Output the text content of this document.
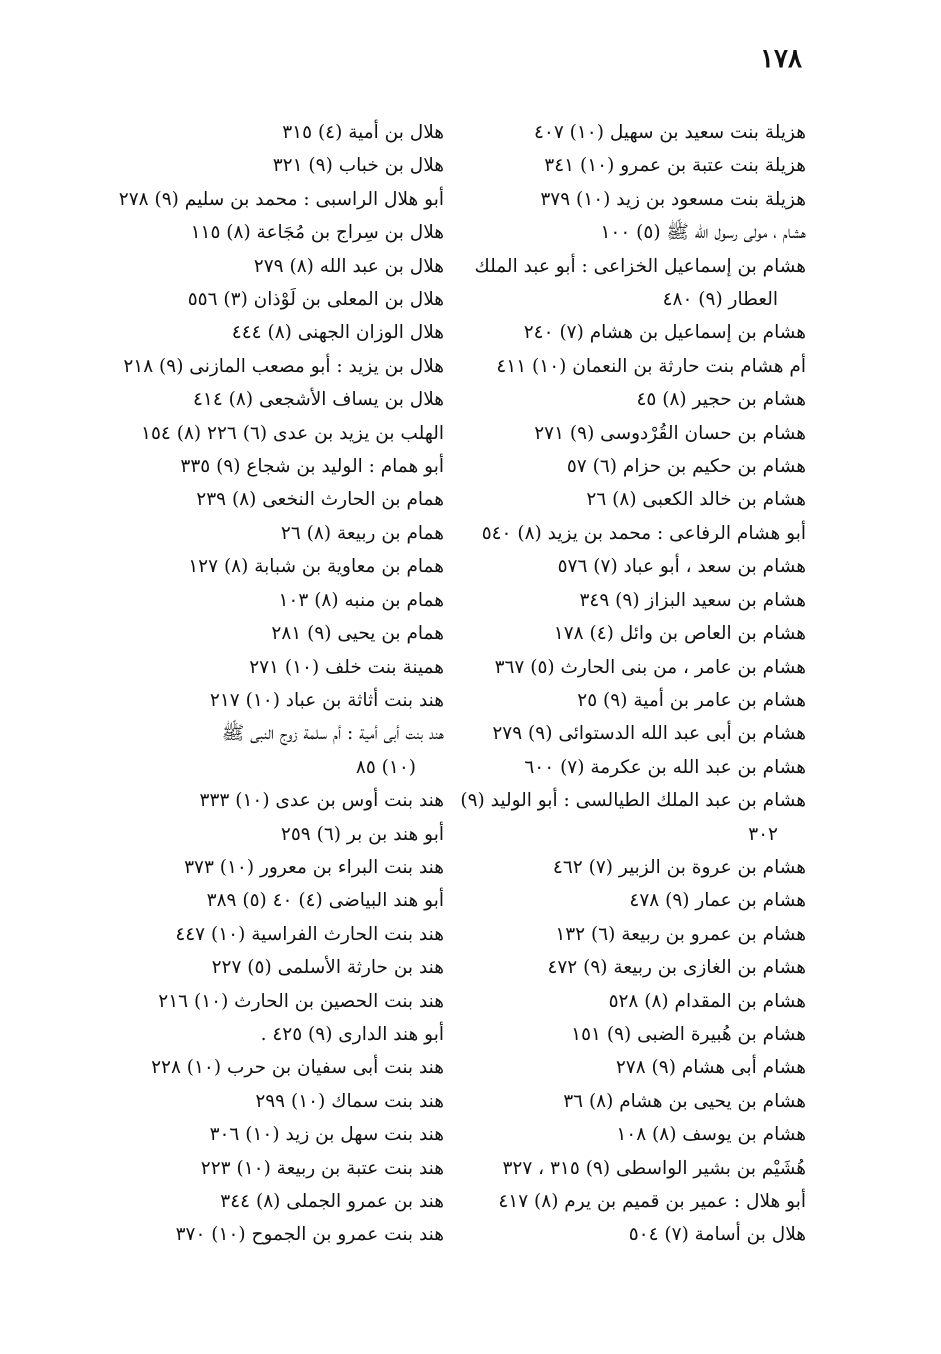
١٧٨
هزيلة بنت سعيد بن سهيل (١٠) ٤٠٧
هزيلة بنت عتبة بن عمرو (١٠) ٣٤١
هزيلة بنت مسعود بن زيد (١٠) ٣٧٩
هشام ، مولى رسول الله ﷺ (٥) ١٠٠
هشام بن إسماعيل الخزاعى : أبو عبد الملك
العطار (٩) ٤٨٠
هشام بن إسماعيل بن هشام (٧) ٢٤٠
أم هشام بنت حارثة بن النعمان (١٠) ٤١١
هشام بن حجير (٨) ٤٥
هشام بن حسان القُرْدوسى (٩) ٢٧١
هشام بن حكيم بن حزام (٦) ٥٧
هشام بن خالد الكعبى (٨) ٢٦
أبو هشام الرفاعى : محمد بن يزيد (٨) ٥٤٠
هشام بن سعد ، أبو عباد (٧) ٥٧٦
هشام بن سعيد البزاز (٩) ٣٤٩
هشام بن العاص بن وائل (٤) ١٧٨
هشام بن عامر ، من بنى الحارث (٥) ٣٦٧
هشام بن عامر بن أمية (٩) ٢٥
هشام بن أبى عبد الله الدستوائى (٩) ٢٧٩
هشام بن عبد الله بن عكرمة (٧) ٦٠٠
هشام بن عبد الملك الطيالسى : أبو الوليد (٩)
٣٠٢
هشام بن عروة بن الزبير (٧) ٤٦٢
هشام بن عمار (٩) ٤٧٨
هشام بن عمرو بن ربيعة (٦) ١٣٢
هشام بن الغازى بن ربيعة (٩) ٤٧٢
هشام بن المقدام (٨) ٥٢٨
هشام بن هُبيرة الضبى (٩) ١٥١
هشام أبى هشام (٩) ٢٧٨
هشام بن يحيى بن هشام (٨) ٣٦
هشام بن يوسف (٨) ١٠٨
هُشَيْم بن بشير الواسطى (٩) ٣١٥ ، ٣٢٧
أبو هلال : عمير بن قميم بن يرم (٨) ٤١٧
هلال بن أسامة (٧) ٥٠٤
هلال بن أمية (٤) ٣١٥
هلال بن خباب (٩) ٣٢١
أبو هلال الراسبى : محمد بن سليم (٩) ٢٧٨
هلال بن سِراج بن مُجَاعة (٨) ١١٥
هلال بن عبد الله (٨) ٢٧٩
هلال بن المعلى بن لَوْذان (٣) ٥٥٦
هلال الوزان الجهنى (٨) ٤٤٤
هلال بن يزيد : أبو مصعب المازنى (٩) ٢١٨
هلال بن يساف الأشجعى (٨) ٤١٤
الهلب بن يزيد بن عدى (٦) ٢٢٦ (٨) ١٥٤
أبو همام : الوليد بن شجاع (٩) ٣٣٥
همام بن الحارث النخعى (٨) ٢٣٩
همام بن ربيعة (٨) ٢٦
همام بن معاوية بن شبابة (٨) ١٢٧
همام بن منبه (٨) ١٠٣
همام بن يحيى (٩) ٢٨١
همينة بنت خلف (١٠) ٢٧١
هند بنت أثاثة بن عباد (١٠) ٢١٧
هند بنت أبى أمية : أم سلمة زوج النبى ﷺ
(١٠) ٨٥
هند بنت أوس بن عدى (١٠) ٣٣٣
أبو هند بن بر (٦) ٢٥٩
هند بنت البراء بن معرور (١٠) ٣٧٣
أبو هند البياضى (٤) ٤٠ (٥) ٣٨٩
هند بنت الحارث الفراسية (١٠) ٤٤٧
هند بن حارثة الأسلمى (٥) ٢٢٧
هند بنت الحصين بن الحارث (١٠) ٢١٦
أبو هند الدارى (٩) ٤٢٥ .
هند بنت أبى سفيان بن حرب (١٠) ٢٢٨
هند بنت سماك (١٠) ٢٩٩
هند بنت سهل بن زيد (١٠) ٣٠٦
هند بنت عتبة بن ربيعة (١٠) ٢٢٣
هند بن عمرو الجملى (٨) ٣٤٤
هند بنت عمرو بن الجموح (١٠) ٣٧٠
